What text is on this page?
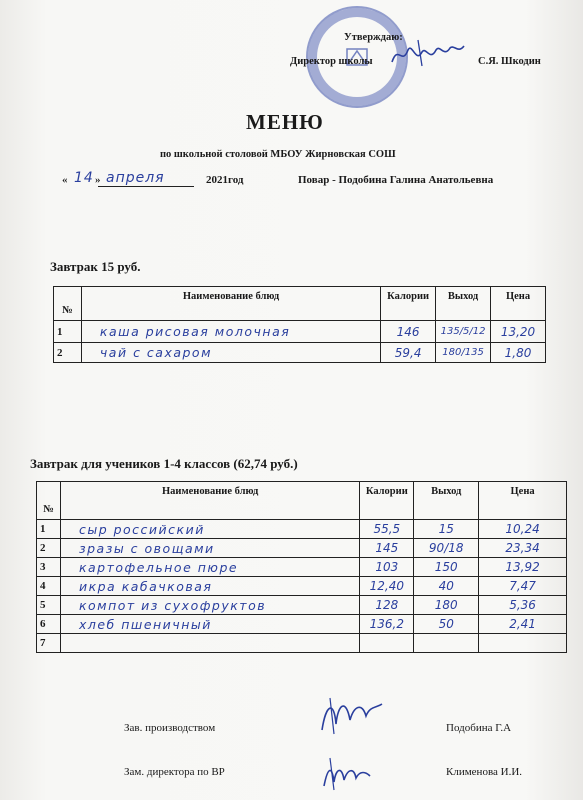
Утверждаю:
Директор школы	С.Я. Шкодин
МЕНЮ
по школьной столовой МБОУ Жирновская СОШ
« 14 » апреля	2021год	Повар - Подобина Галина Анатольевна
Завтрак 15 руб.
№	Наименование блюд	Калории	Выход	Цена
1	каша рисовая молочная	146	135/5/12	13,20
2	чай с сахаром	59,4	180/135	1,80
Завтрак для учеников 1-4 классов (62,74 руб.)
№	Наименование блюд	Калории	Выход	Цена
1	сыр российский	55,5	15	10,24
2	зразы с овощами	145	90/18	23,34
3	картофельное пюре	103	150	13,92
4	икра кабачковая	12,40	40	7,47
5	компот из сухофруктов	128	180	5,36
6	хлеб пшеничный	136,2	50	2,41
7				
Зав. производством	Подобина Г.А
Зам. директора по ВР	Клименова И.И.
